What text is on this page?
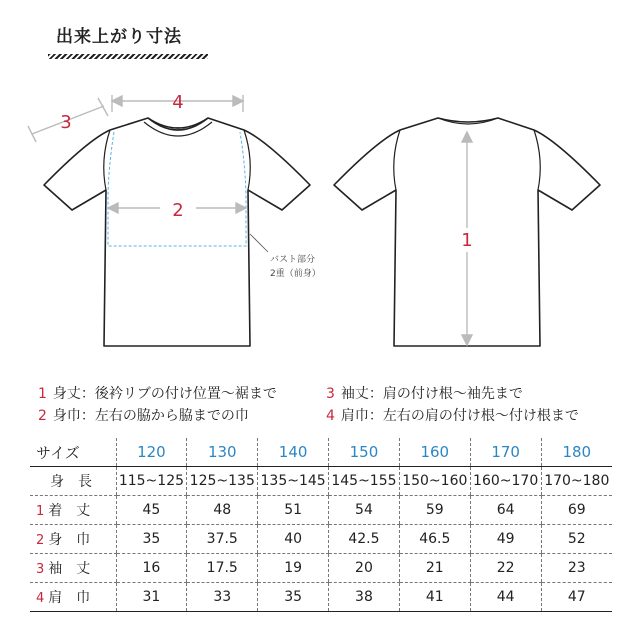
出来上がり寸法
4
3
2
バスト部分
2重（前身）
1
1 身丈：後衿リブの付け位置〜裾まで
2 身巾：左右の脇から脇までの巾
3 袖丈：肩の付け根〜袖先まで
4 肩巾：左右の肩の付け根〜付け根まで
サイズ	120	130	140	150	160	170	180
身　長	115~125	125~135	135~145	145~155	150~160	160~170	170~180
1 着　丈	45	48	51	54	59	64	69
2 身　巾	35	37.5	40	42.5	46.5	49	52
3 袖　丈	16	17.5	19	20	21	22	23
4 肩　巾	31	33	35	38	41	44	47
